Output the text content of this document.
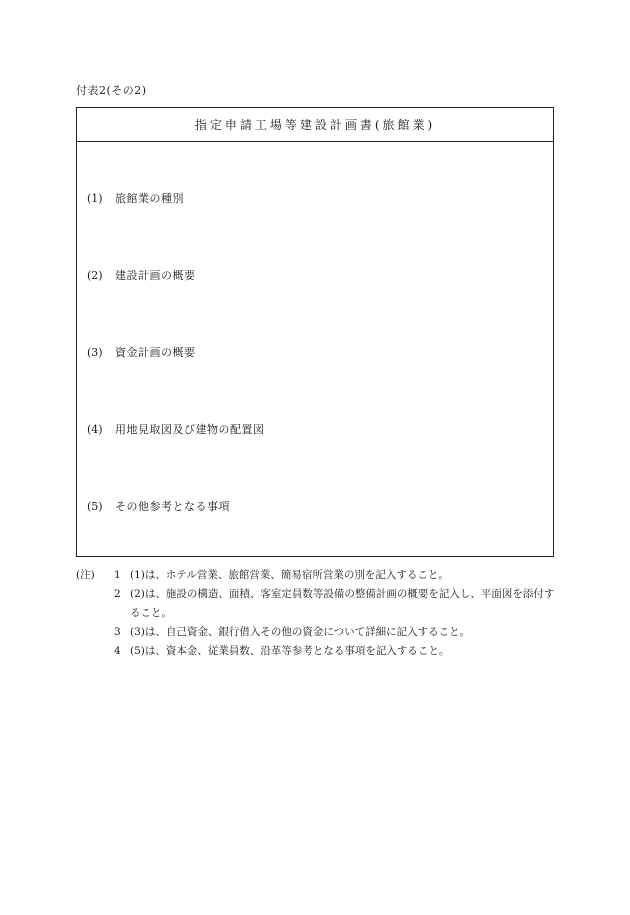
付表2(その2)
指定申請工場等建設計画書(旅館業)
(1)	旅館業の種別
(2)	建設計画の概要
(3)	資金計画の概要
(4)	用地見取図及び建物の配置図
(5)	その他参考となる事項
(注) 1 (1)は、ホテル営業、旅館営業、簡易宿所営業の別を記入すること。
2 (2)は、施設の構造、面積、客室定員数等設備の整備計画の概要を記入し、平面図を添付すること。
3 (3)は、自己資金、銀行借入その他の資金について詳細に記入すること。
4 (5)は、資本金、従業員数、沿革等参考となる事項を記入すること。
